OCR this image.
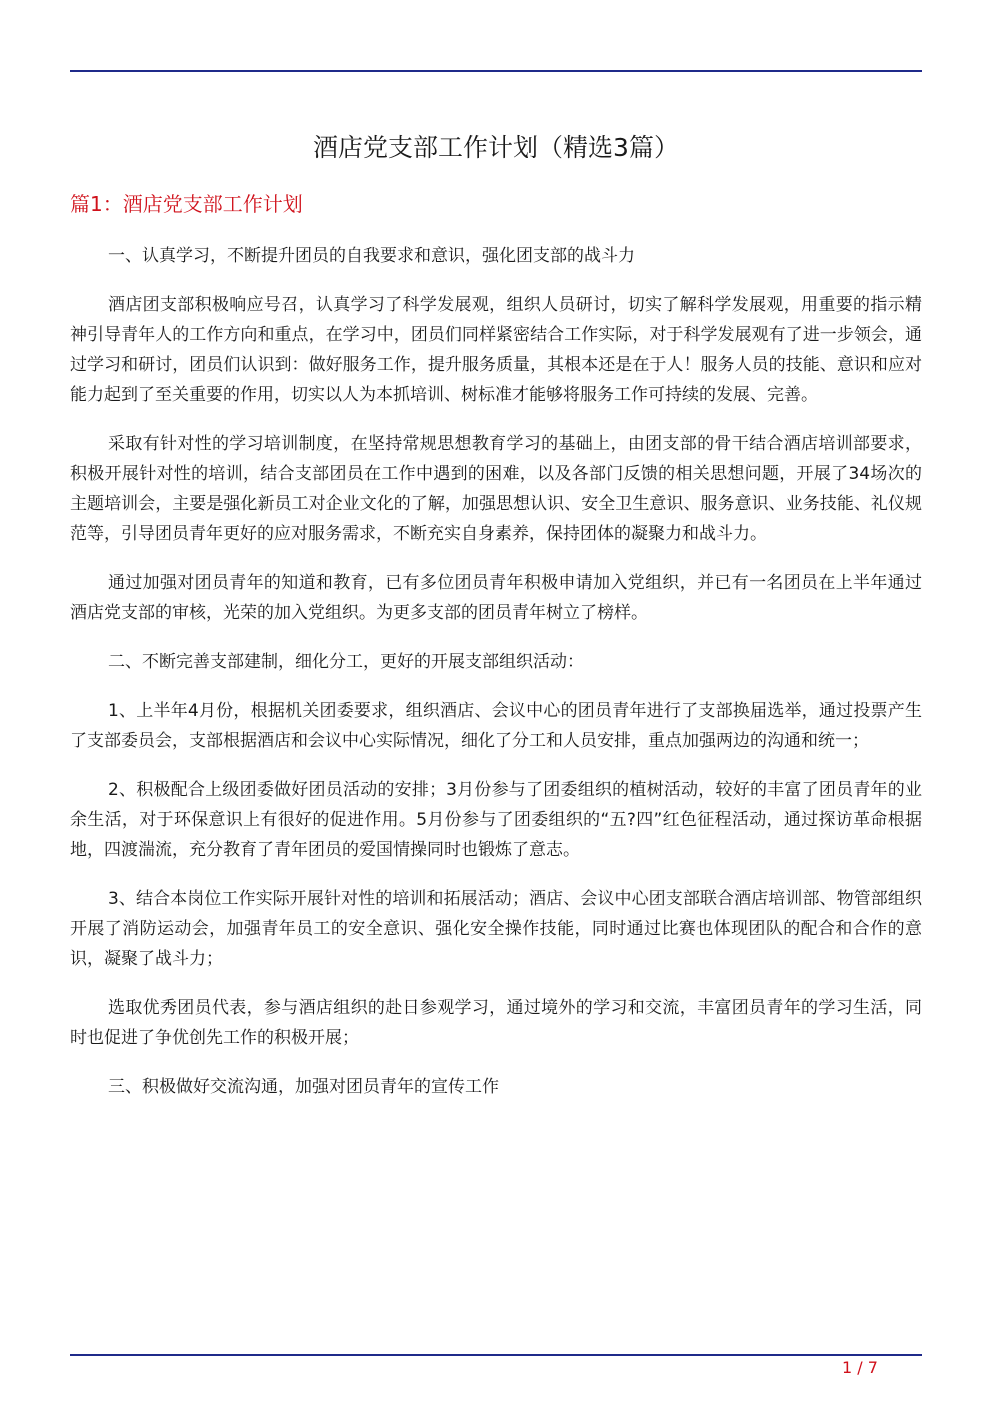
酒店党支部工作计划（精选3篇）
篇1：酒店党支部工作计划

一、认真学习，不断提升团员的自我要求和意识，强化团支部的战斗力

酒店团支部积极响应号召，认真学习了科学发展观，组织人员研讨，切实了解科学发展观，用重要的指示精神引导青年人的工作方向和重点，在学习中，团员们同样紧密结合工作实际，对于科学发展观有了进一步领会，通过学习和研讨，团员们认识到：做好服务工作，提升服务质量，其根本还是在于人！服务人员的技能、意识和应对能力起到了至关重要的作用，切实以人为本抓培训、树标准才能够将服务工作可持续的发展、完善。

采取有针对性的学习培训制度，在坚持常规思想教育学习的基础上，由团支部的骨干结合酒店培训部要求，积极开展针对性的培训，结合支部团员在工作中遇到的困难，以及各部门反馈的相关思想问题，开展了34场次的主题培训会，主要是强化新员工对企业文化的了解，加强思想认识、安全卫生意识、服务意识、业务技能、礼仪规范等，引导团员青年更好的应对服务需求，不断充实自身素养，保持团体的凝聚力和战斗力。

通过加强对团员青年的知道和教育，已有多位团员青年积极申请加入党组织，并已有一名团员在上半年通过酒店党支部的审核，光荣的加入党组织。为更多支部的团员青年树立了榜样。

二、不断完善支部建制，细化分工，更好的开展支部组织活动：

1、上半年4月份，根据机关团委要求，组织酒店、会议中心的团员青年进行了支部换届选举，通过投票产生了支部委员会，支部根据酒店和会议中心实际情况，细化了分工和人员安排，重点加强两边的沟通和统一；

2、积极配合上级团委做好团员活动的安排；3月份参与了团委组织的植树活动，较好的丰富了团员青年的业余生活，对于环保意识上有很好的促进作用。5月份参与了团委组织的“五?四”红色征程活动，通过探访革命根据地，四渡湍流，充分教育了青年团员的爱国情操同时也锻炼了意志。

3、结合本岗位工作实际开展针对性的培训和拓展活动；酒店、会议中心团支部联合酒店培训部、物管部组织开展了消防运动会，加强青年员工的安全意识、强化安全操作技能，同时通过比赛也体现团队的配合和合作的意识，凝聚了战斗力；

选取优秀团员代表，参与酒店组织的赴日参观学习，通过境外的学习和交流，丰富团员青年的学习生活，同时也促进了争优创先工作的积极开展；

三、积极做好交流沟通，加强对团员青年的宣传工作

1 / 7
